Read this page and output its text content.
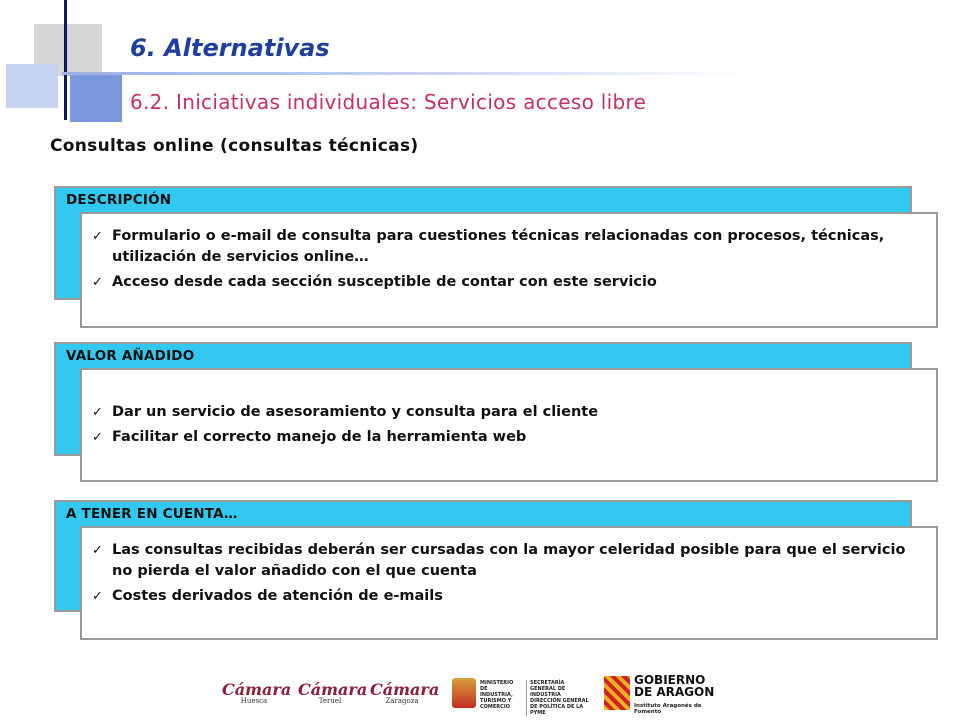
6. Alternativas
6.2. Iniciativas individuales: Servicios acceso libre
Consultas online (consultas técnicas)
DESCRIPCIÓN
✓ Formulario o e-mail de consulta para cuestiones técnicas relacionadas con procesos, técnicas, utilización de servicios online…
✓ Acceso desde cada sección susceptible de contar con este servicio
VALOR AÑADIDO
✓ Dar un servicio de asesoramiento y consulta para el cliente
✓ Facilitar el correcto manejo de la herramienta web
A TENER EN CUENTA…
✓ Las consultas recibidas deberán ser cursadas con la mayor celeridad posible para que el servicio no pierda el valor añadido con el que cuenta
✓ Costes derivados de atención de e-mails
Cámara
Huesca
Cámara
Teruel
Cámara
Zaragoza
MINISTERIO DE INDUSTRIA, TURISMO Y COMERCIO
SECRETARÍA GENERAL DE INDUSTRIA DIRECCIÓN GENERAL DE POLÍTICA DE LA PYME
GOBIERNO
DE ARAGON
Instituto Aragonés de Fomento
